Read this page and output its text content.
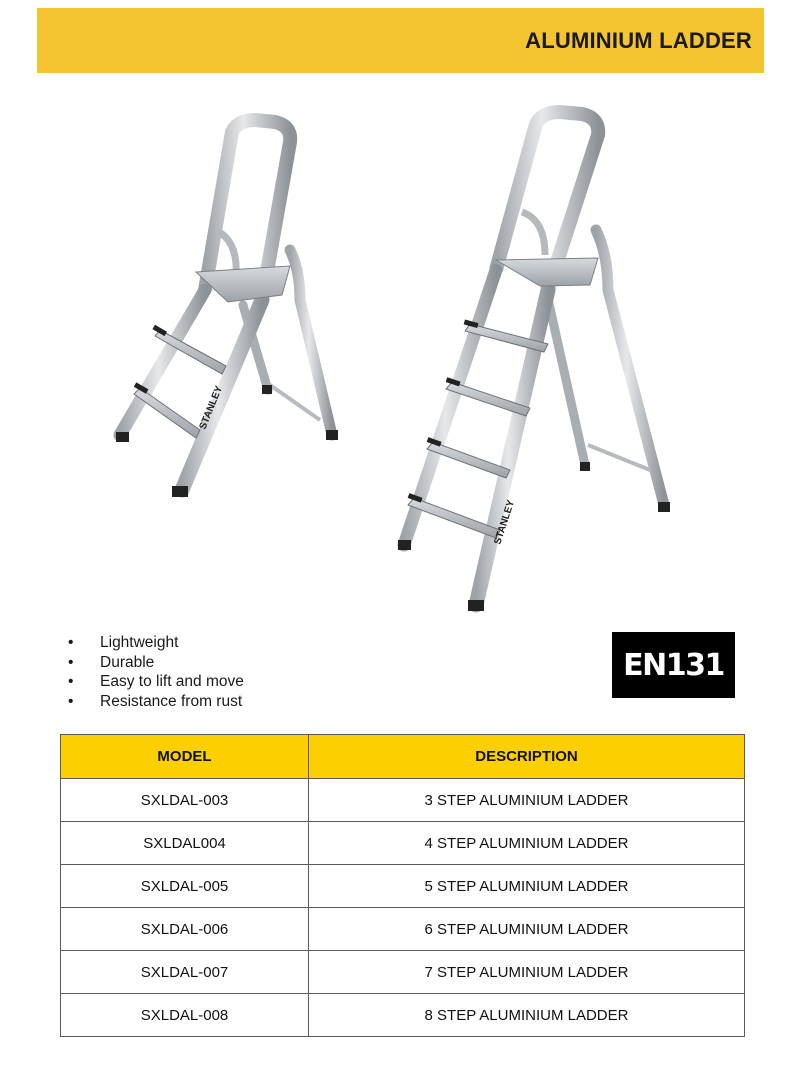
ALUMINIUM LADDER
STANLEY
STANLEY
• Lightweight
• Durable
• Easy to lift and move
• Resistance from rust
EN131
MODEL	DESCRIPTION
SXLDAL-003	3 STEP ALUMINIUM LADDER
SXLDAL004	4 STEP ALUMINIUM LADDER
SXLDAL-005	5 STEP ALUMINIUM LADDER
SXLDAL-006	6 STEP ALUMINIUM LADDER
SXLDAL-007	7 STEP ALUMINIUM LADDER
SXLDAL-008	8 STEP ALUMINIUM LADDER
